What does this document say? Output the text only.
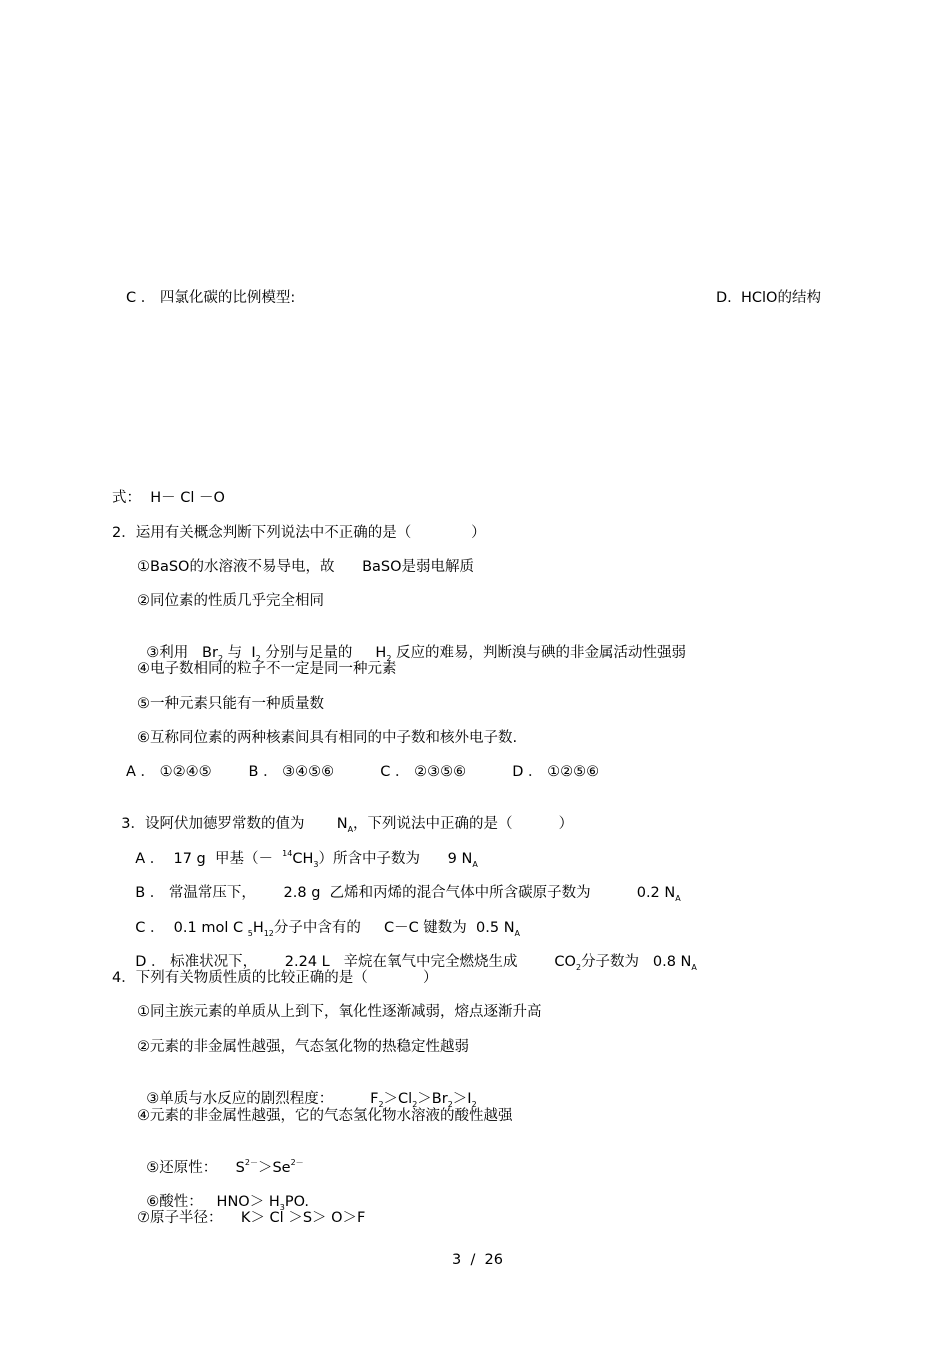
C ． 四氯化碳的比例模型:	D.  HClO的结构
式：  H－ Cl －O
2．运用有关概念判断下列说法中不正确的是（             ）
①BaSO的水溶液不易导电，故      BaSO是弱电解质
②同位素的性质几乎完全相同

③利用   $Br_2$ 与  $I_2$ 分别与足量的     $H_2$ 反应的难易，判断溴与碘的非金属活动性强弱

④电子数相同的粒子不一定是同一种元素
⑤一种元素只能有一种质量数
⑥互称同位素的两种核素间具有相同的中子数和核外电子数.
A ． ①②④⑤        B ． ③④⑤⑥          C ． ②③⑤⑥          D ． ①②⑤⑥

3．设阿伏加德罗常数的值为       $N_A$，下列说法中正确的是（          ）

A ．  17 g  甲基（－  $^{14}CH_3$）所含中子数为      9 $N_A$

B ． 常温常压下，      2.8 g  乙烯和丙烯的混合气体中所含碳原子数为          0.2 $N_A$

C ．  0.1 mol C $_5H_{12}$分子中含有的     C－C 键数为  0.5 $N_A$

D ． 标准状况下，      2.24 L   辛烷在氧气中完全燃烧生成        $CO_2$分子数为   0.8 $N_A$

4．下列有关物质性质的比较正确的是（            ）
①同主族元素的单质从上到下，氧化性逐渐减弱，熔点逐渐升高
②元素的非金属性越强，气态氢化物的热稳定性越弱

③单质与水反应的剧烈程度：        $F_2>Cl_2>Br_2>I_2$

④元素的非金属性越强，它的气态氢化物水溶液的酸性越强

⑤还原性：    $S^{2-}>Se^{2-}$

⑥酸性：   $HNO> H_3PO$.

⑦原子半径：    K＞ Cl ＞S＞ O＞F
3  /  26
